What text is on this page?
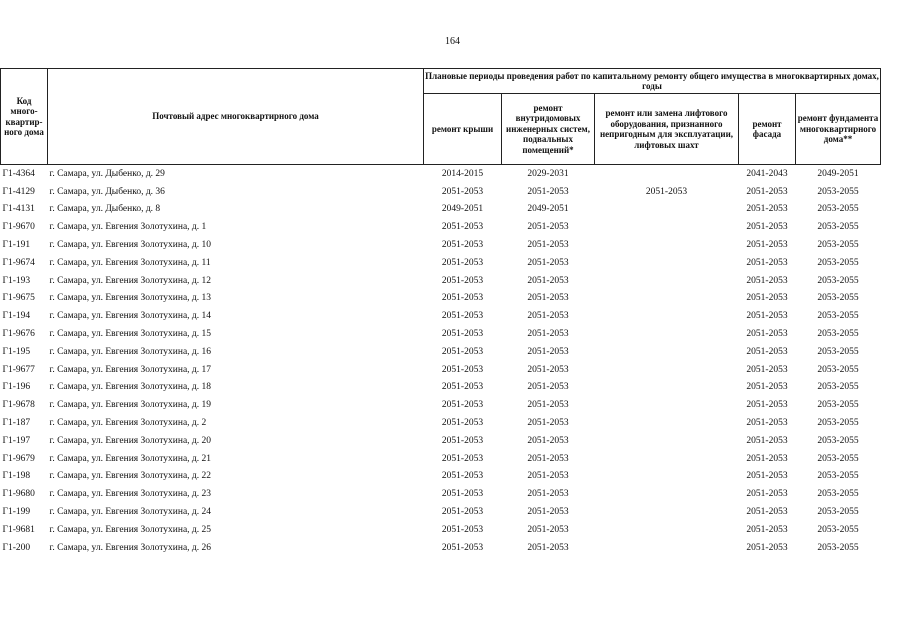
164
Код много-квартир-ного дома	Почтовый адрес многоквартирного дома	Плановые периоды проведения работ по капитальному ремонту общего имущества в многоквартирных домах, годы				
		ремонт крыши	ремонт внутридомовых инженерных систем, подвальных помещений*	ремонт или замена лифтового оборудования, признанного непригодным для эксплуатации, лифтовых шахт	ремонт фасада	ремонт фундамента многоквартирного дома**
Г1-4364	г. Самара, ул. Дыбенко, д. 29	2014-2015	2029-2031		2041-2043	2049-2051
Г1-4129	г. Самара, ул. Дыбенко, д. 36	2051-2053	2051-2053	2051-2053	2051-2053	2053-2055
Г1-4131	г. Самара, ул. Дыбенко, д. 8	2049-2051	2049-2051		2051-2053	2053-2055
Г1-9670	г. Самара, ул. Евгения Золотухина, д. 1	2051-2053	2051-2053		2051-2053	2053-2055
Г1-191	г. Самара, ул. Евгения Золотухина, д. 10	2051-2053	2051-2053		2051-2053	2053-2055
Г1-9674	г. Самара, ул. Евгения Золотухина, д. 11	2051-2053	2051-2053		2051-2053	2053-2055
Г1-193	г. Самара, ул. Евгения Золотухина, д. 12	2051-2053	2051-2053		2051-2053	2053-2055
Г1-9675	г. Самара, ул. Евгения Золотухина, д. 13	2051-2053	2051-2053		2051-2053	2053-2055
Г1-194	г. Самара, ул. Евгения Золотухина, д. 14	2051-2053	2051-2053		2051-2053	2053-2055
Г1-9676	г. Самара, ул. Евгения Золотухина, д. 15	2051-2053	2051-2053		2051-2053	2053-2055
Г1-195	г. Самара, ул. Евгения Золотухина, д. 16	2051-2053	2051-2053		2051-2053	2053-2055
Г1-9677	г. Самара, ул. Евгения Золотухина, д. 17	2051-2053	2051-2053		2051-2053	2053-2055
Г1-196	г. Самара, ул. Евгения Золотухина, д. 18	2051-2053	2051-2053		2051-2053	2053-2055
Г1-9678	г. Самара, ул. Евгения Золотухина, д. 19	2051-2053	2051-2053		2051-2053	2053-2055
Г1-187	г. Самара, ул. Евгения Золотухина, д. 2	2051-2053	2051-2053		2051-2053	2053-2055
Г1-197	г. Самара, ул. Евгения Золотухина, д. 20	2051-2053	2051-2053		2051-2053	2053-2055
Г1-9679	г. Самара, ул. Евгения Золотухина, д. 21	2051-2053	2051-2053		2051-2053	2053-2055
Г1-198	г. Самара, ул. Евгения Золотухина, д. 22	2051-2053	2051-2053		2051-2053	2053-2055
Г1-9680	г. Самара, ул. Евгения Золотухина, д. 23	2051-2053	2051-2053		2051-2053	2053-2055
Г1-199	г. Самара, ул. Евгения Золотухина, д. 24	2051-2053	2051-2053		2051-2053	2053-2055
Г1-9681	г. Самара, ул. Евгения Золотухина, д. 25	2051-2053	2051-2053		2051-2053	2053-2055
Г1-200	г. Самара, ул. Евгения Золотухина, д. 26	2051-2053	2051-2053		2051-2053	2053-2055
